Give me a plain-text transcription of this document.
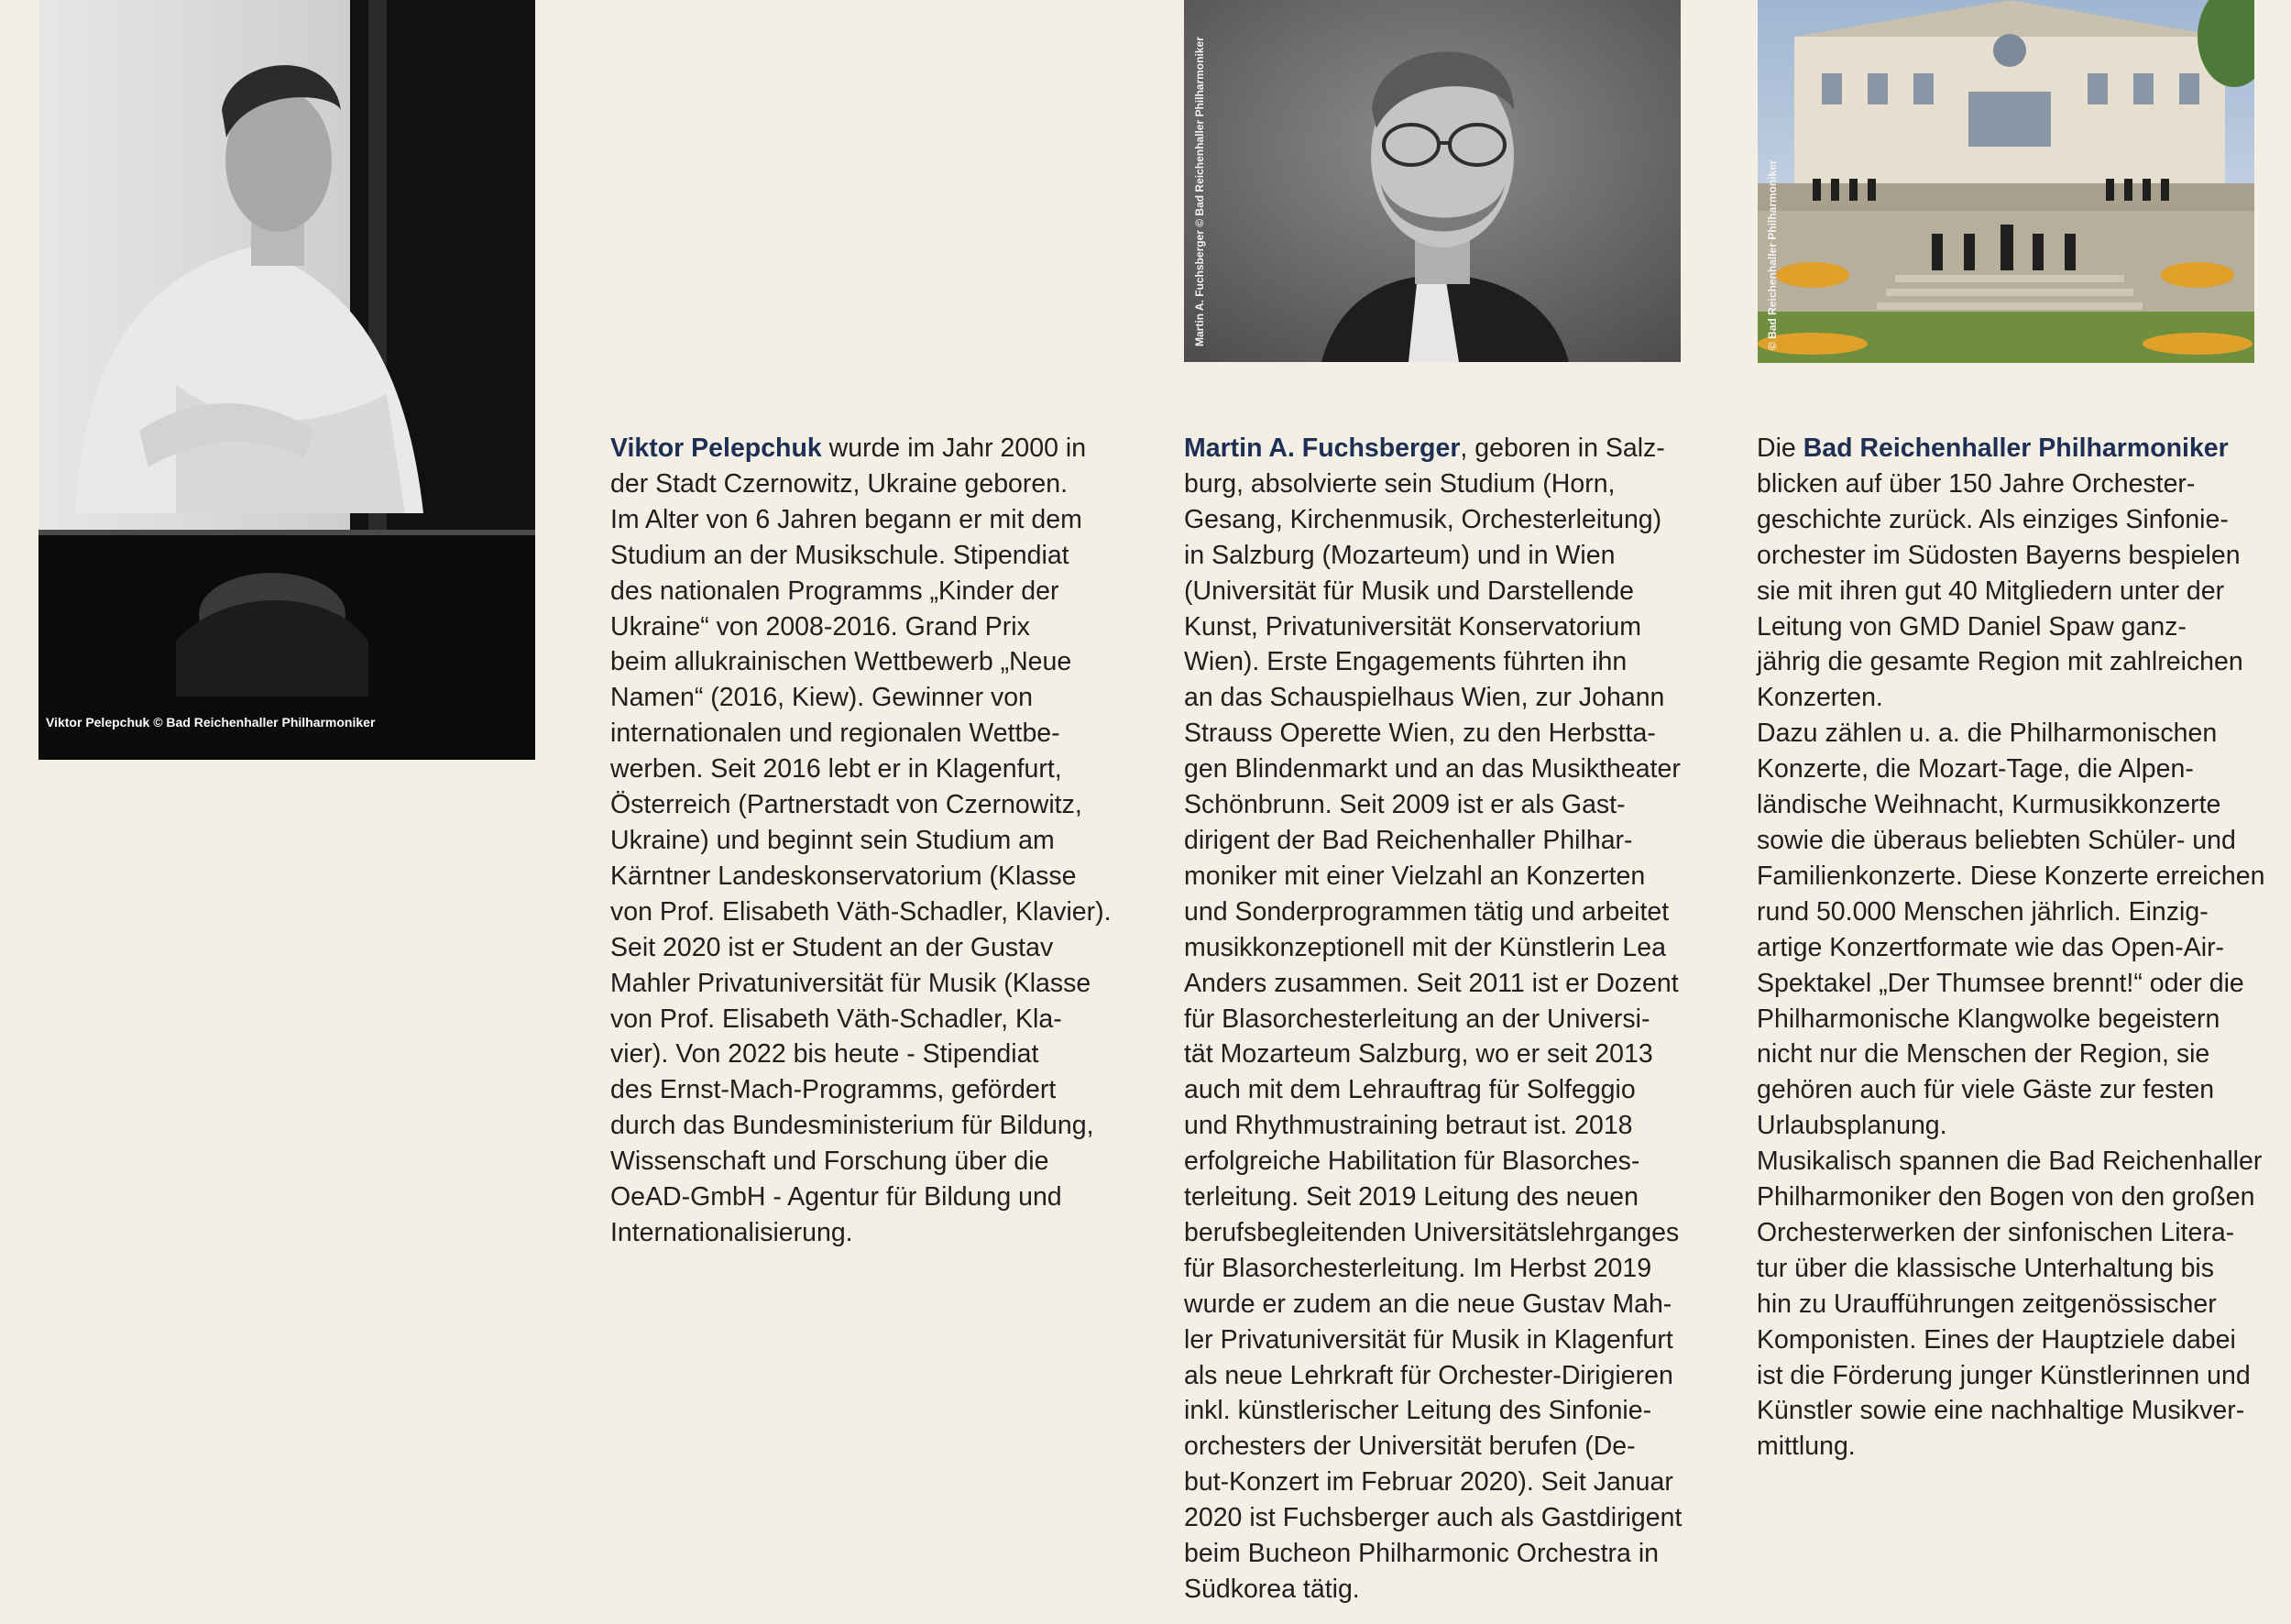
Viktor Pelepchuk © Bad Reichenhaller Philharmoniker
Martin A. Fuchsberger © Bad Reichenhaller Philharmoniker	© Bad Reichenhaller Philharmoniker
Viktor Pelepchuk wurde im Jahr 2000 in
der Stadt Czernowitz, Ukraine geboren.
Im Alter von 6 Jahren begann er mit dem
Studium an der Musikschule. Stipendiat
des nationalen Programms „Kinder der
Ukraine“ von 2008-2016. Grand Prix
beim allukrainischen Wettbewerb „Neue
Namen“ (2016, Kiew). Gewinner von
internationalen und regionalen Wettbe-
werben. Seit 2016 lebt er in Klagenfurt,
Österreich (Partnerstadt von Czernowitz,
Ukraine) und beginnt sein Studium am
Kärntner Landeskonservatorium (Klasse
von Prof. Elisabeth Väth-Schadler, Klavier).
Seit 2020 ist er Student an der Gustav
Mahler Privatuniversität für Musik (Klasse
von Prof. Elisabeth Väth-Schadler, Kla-
vier). Von 2022 bis heute - Stipendiat
des Ernst-Mach-Programms, gefördert
durch das Bundesministerium für Bildung,
Wissenschaft und Forschung über die
OeAD-GmbH - Agentur für Bildung und
Internationalisierung.
Martin A. Fuchsberger, geboren in Salz-
burg, absolvierte sein Studium (Horn,
Gesang, Kirchenmusik, Orchesterleitung)
in Salzburg (Mozarteum) und in Wien
(Universität für Musik und Darstellende
Kunst, Privatuniversität Konservatorium
Wien). Erste Engagements führten ihn
an das Schauspielhaus Wien, zur Johann
Strauss Operette Wien, zu den Herbstta-
gen Blindenmarkt und an das Musiktheater
Schönbrunn. Seit 2009 ist er als Gast-
dirigent der Bad Reichenhaller Philhar-
moniker mit einer Vielzahl an Konzerten
und Sonderprogrammen tätig und arbeitet
musikkonzeptionell mit der Künstlerin Lea
Anders zusammen. Seit 2011 ist er Dozent
für Blasorchesterleitung an der Universi-
tät Mozarteum Salzburg, wo er seit 2013
auch mit dem Lehrauftrag für Solfeggio
und Rhythmustraining betraut ist. 2018
erfolgreiche Habilitation für Blasorches-
terleitung. Seit 2019 Leitung des neuen
berufsbegleitenden Universitätslehrganges
für Blasorchesterleitung. Im Herbst 2019
wurde er zudem an die neue Gustav Mah-
ler Privatuniversität für Musik in Klagenfurt
als neue Lehrkraft für Orchester-Dirigieren
inkl. künstlerischer Leitung des Sinfonie-
orchesters der Universität berufen (De-
but-Konzert im Februar 2020). Seit Januar
2020 ist Fuchsberger auch als Gastdirigent
beim Bucheon Philharmonic Orchestra in
Südkorea tätig.
Die Bad Reichenhaller Philharmoniker
blicken auf über 150 Jahre Orchester-
geschichte zurück. Als einziges Sinfonie-
orchester im Südosten Bayerns bespielen
sie mit ihren gut 40 Mitgliedern unter der
Leitung von GMD Daniel Spaw ganz-
jährig die gesamte Region mit zahlreichen
Konzerten.
Dazu zählen u. a. die Philharmonischen
Konzerte, die Mozart-Tage, die Alpen-
ländische Weihnacht, Kurmusikkonzerte
sowie die überaus beliebten Schüler- und
Familienkonzerte. Diese Konzerte erreichen
rund 50.000 Menschen jährlich. Einzig-
artige Konzertformate wie das Open-Air-
Spektakel „Der Thumsee brennt!“ oder die
Philharmonische Klangwolke begeistern
nicht nur die Menschen der Region, sie
gehören auch für viele Gäste zur festen
Urlaubsplanung.
Musikalisch spannen die Bad Reichenhaller
Philharmoniker den Bogen von den großen
Orchesterwerken der sinfonischen Litera-
tur über die klassische Unterhaltung bis
hin zu Uraufführungen zeitgenössischer
Komponisten. Eines der Hauptziele dabei
ist die Förderung junger Künstlerinnen und
Künstler sowie eine nachhaltige Musikver-
mittlung.
